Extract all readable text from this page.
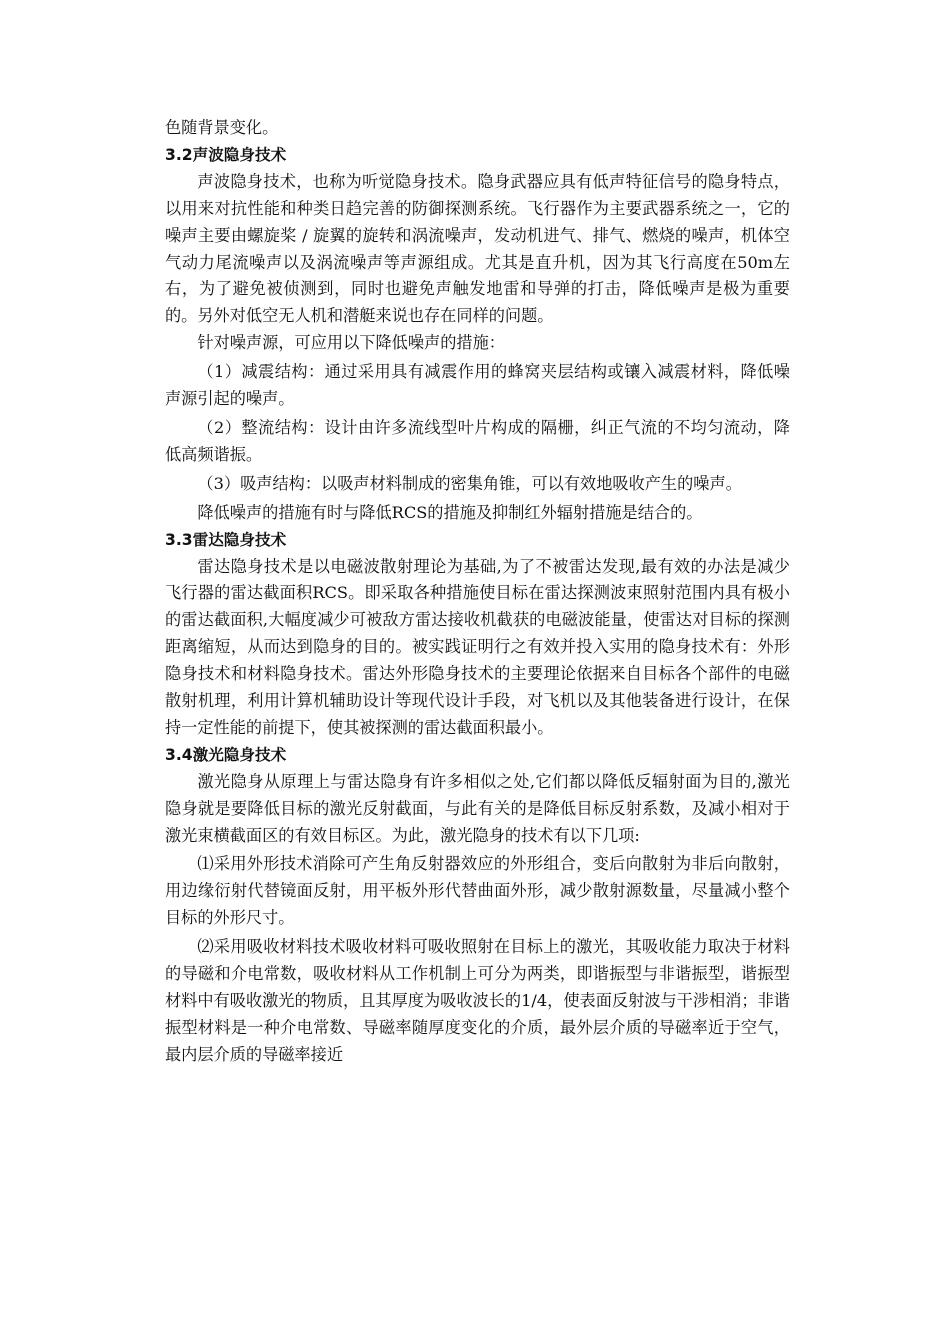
色随背景变化。

3.2声波隐身技术

声波隐身技术，也称为听觉隐身技术。隐身武器应具有低声特征信号的隐身特点，以用来对抗性能和种类日趋完善的防御探测系统。飞行器作为主要武器系统之一，它的噪声主要由螺旋桨 / 旋翼的旋转和涡流噪声，发动机进气、排气、燃烧的噪声，机体空气动力尾流噪声以及涡流噪声等声源组成。尤其是直升机，因为其飞行高度在50m左右，为了避免被侦测到，同时也避免声触发地雷和导弹的打击，降低噪声是极为重要的。另外对低空无人机和潜艇来说也存在同样的问题。

针对噪声源，可应用以下降低噪声的措施：

（1）减震结构：通过采用具有减震作用的蜂窝夹层结构或镶入减震材料，降低噪声源引起的噪声。

（2）整流结构：设计由许多流线型叶片构成的隔栅，纠正气流的不均匀流动，降低高频谐振。

（3）吸声结构：以吸声材料制成的密集角锥，可以有效地吸收产生的噪声。

降低噪声的措施有时与降低RCS的措施及抑制红外辐射措施是结合的。

3.3雷达隐身技术

雷达隐身技术是以电磁波散射理论为基础,为了不被雷达发现,最有效的办法是减少飞行器的雷达截面积RCS。即采取各种措施使目标在雷达探测波束照射范围内具有极小的雷达截面积,大幅度减少可被敌方雷达接收机截获的电磁波能量，使雷达对目标的探测距离缩短，从而达到隐身的目的。被实践证明行之有效并投入实用的隐身技术有：外形隐身技术和材料隐身技术。雷达外形隐身技术的主要理论依据来自目标各个部件的电磁散射机理，利用计算机辅助设计等现代设计手段，对飞机以及其他装备进行设计，在保持一定性能的前提下，使其被探测的雷达截面积最小。

3.4激光隐身技术

激光隐身从原理上与雷达隐身有许多相似之处,它们都以降低反辐射面为目的,激光隐身就是要降低目标的激光反射截面，与此有关的是降低目标反射系数，及减小相对于激光束横截面区的有效目标区。为此，激光隐身的技术有以下几项:

⑴采用外形技术消除可产生角反射器效应的外形组合，变后向散射为非后向散射，用边缘衍射代替镜面反射，用平板外形代替曲面外形，减少散射源数量，尽量减小整个目标的外形尺寸。

⑵采用吸收材料技术吸收材料可吸收照射在目标上的激光，其吸收能力取决于材料的导磁和介电常数，吸收材料从工作机制上可分为两类，即谐振型与非谐振型，谐振型材料中有吸收激光的物质，且其厚度为吸收波长的1/4，使表面反射波与干涉相消；非谐振型材料是一种介电常数、导磁率随厚度变化的介质，最外层介质的导磁率近于空气，最内层介质的导磁率接近
